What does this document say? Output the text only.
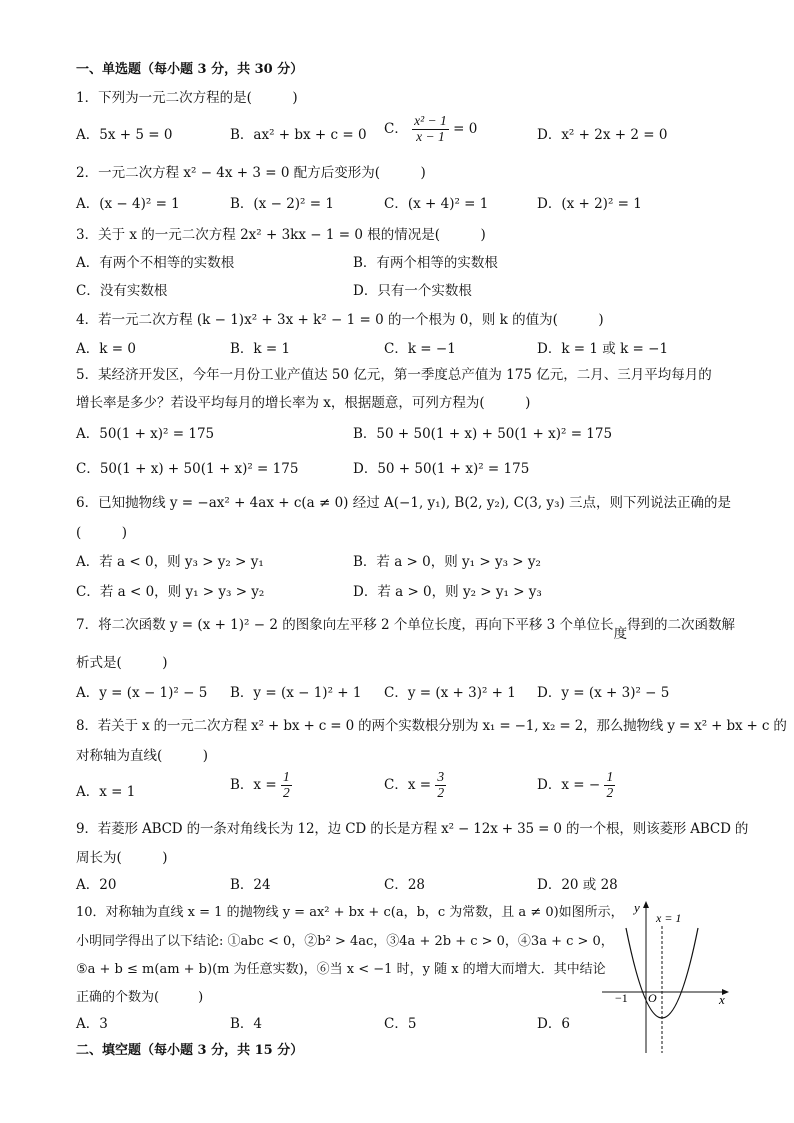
一、单选题（每小题 3 分，共 30 分）
1．下列为一元二次方程的是(　　　)
A．5x + 5 = 0	B．ax² + bx + c = 0 C． $\frac{\text{x² − 1}}{x - 1} = 0$	D．x² + 2x + 2 = 0
2．一元二次方程 x² − 4x + 3 = 0 配方后变形为(　　　)
A．(x − 4)² = 1	B．(x − 2)² = 1	C．(x + 4)² = 1	D．(x + 2)² = 1
3．关于 x 的一元二次方程 2x² + 3kx − 1 = 0 根的情况是(　　　)
A．有两个不相等的实数根	B．有两个相等的实数根
C．没有实数根	D．只有一个实数根
4．若一元二次方程 (k − 1)x² + 3x + k² − 1 = 0 的一个根为 0，则 k 的值为(　　　)
A．k = 0	B．k = 1	C．k = −1	D．k = 1 或 k = −1
5．某经济开发区，今年一月份工业产值达 50 亿元，第一季度总产值为 175 亿元，二月、三月平均每月的
增长率是多少？若设平均每月的增长率为 x，根据题意，可列方程为(　　　)
A．50(1 + x)² = 175	B．50 + 50(1 + x) + 50(1 + x)² = 175
C．50(1 + x) + 50(1 + x)² = 175	D．50 + 50(1 + x)² = 175
6．已知抛物线 y = −ax² + 4ax + c(a ≠ 0) 经过 A(−1, y₁), B(2, y₂), C(3, y₃) 三点，则下列说法正确的是
(　　　)
A．若 a < 0，则 y₃ > y₂ > y₁	B．若 a > 0，则 y₁ > y₃ > y₂
C．若 a < 0，则 y₁ > y₃ > y₂	D．若 a > 0，则 y₂ > y₁ > y₃
7．将二次函数 y = (x + 1)² − 2 的图象向左平移 2 个单位长度，再向下平移 3 个单位长度得到的二次函数解
析式是(　　　)
A．y = (x − 1)² − 5 B．y = (x − 1)² + 1 C．y = (x + 3)² + 1 D．y = (x + 3)² − 5
8．若关于 x 的一元二次方程 x² + bx + c = 0 的两个实数根分别为 x₁ = −1, x₂ = 2，那么抛物线 y = x² + bx + c 的
对称轴为直线(　　　)
A．x = 1	B．$x = \frac{1}{2}$	C．$x = \frac{3}{2}$	D．x = − $\frac{1}{2}$
9．若菱形 ABCD 的一条对角线长为 12，边 CD 的长是方程 x² − 12x + 35 = 0 的一个根，则该菱形 ABCD 的
周长为(　　　)
A．20	B．24	C．28	D．20 或 28
10．对称轴为直线 x = 1 的抛物线 y = ax² + bx + c(a，b，c 为常数，且 a ≠ 0)如图所示，
小明同学得出了以下结论: ①abc < 0，②b² > 4ac，③4a + 2b + c > 0，④3a + c > 0，
⑤a + b ≤ m(am + b)(m 为任意实数)，⑥当 x < −1 时，y 随 x 的增大而增大．其中结论
正确的个数为(　　　)
A．3	B．4	C．5	D．6
y
x
x = 1
−1 O
二、填空题（每小题 3 分，共 15 分）
